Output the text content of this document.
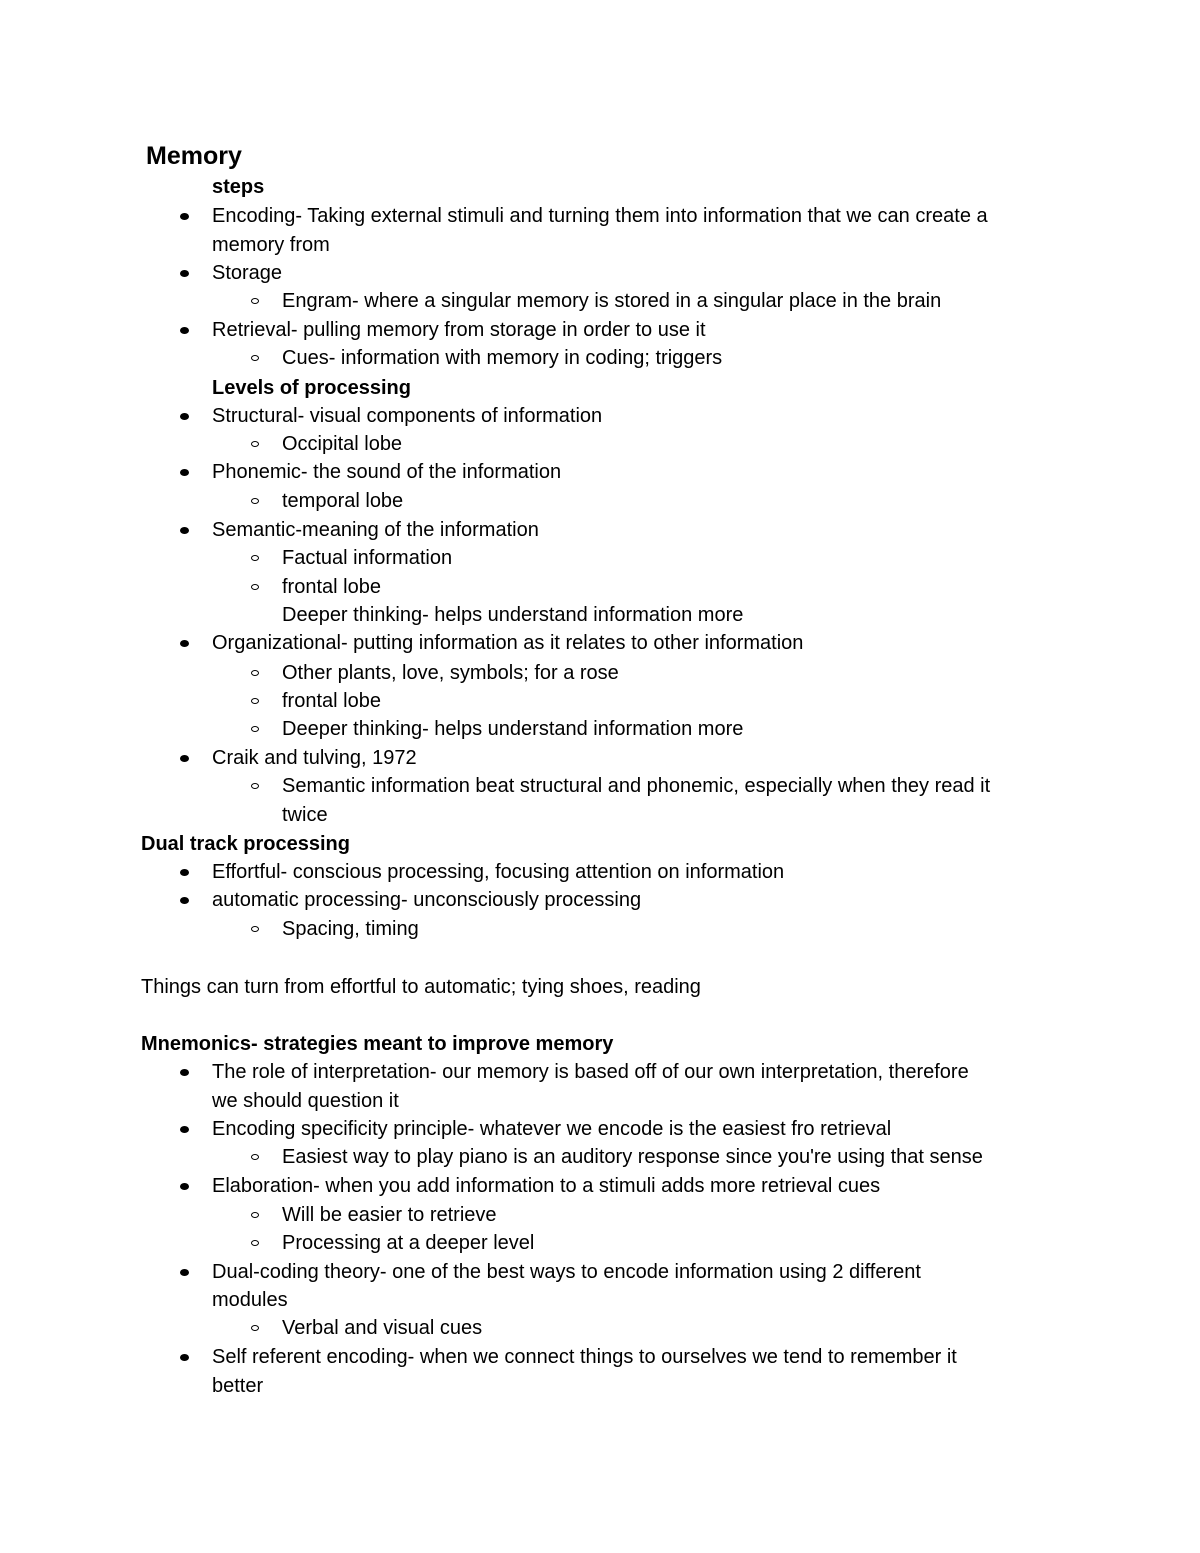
Memory
steps
Encoding- Taking external stimuli and turning them into information that we can create a
memory from
Storage
Engram- where a singular memory is stored in a singular place in the brain
Retrieval- pulling memory from storage in order to use it
Cues- information with memory in coding; triggers
Levels of processing
Structural- visual components of information
Occipital lobe
Phonemic- the sound of the information
temporal lobe
Semantic-meaning of the information
Factual information
frontal lobe
Deeper thinking- helps understand information more
Organizational- putting information as it relates to other information
Other plants, love, symbols; for a rose
frontal lobe
Deeper thinking- helps understand information more
Craik and tulving, 1972
Semantic information beat structural and phonemic, especially when they read it
twice
Dual track processing
Effortful- conscious processing, focusing attention on information
automatic processing- unconsciously processing
Spacing, timing
Things can turn from effortful to automatic; tying shoes, reading
Mnemonics- strategies meant to improve memory
The role of interpretation- our memory is based off of our own interpretation, therefore
we should question it
Encoding specificity principle- whatever we encode is the easiest fro retrieval
Easiest way to play piano is an auditory response since you're using that sense
Elaboration- when you add information to a stimuli adds more retrieval cues
Will be easier to retrieve
Processing at a deeper level
Dual-coding theory- one of the best ways to encode information using 2 different
modules
Verbal and visual cues
Self referent encoding- when we connect things to ourselves we tend to remember it
better
